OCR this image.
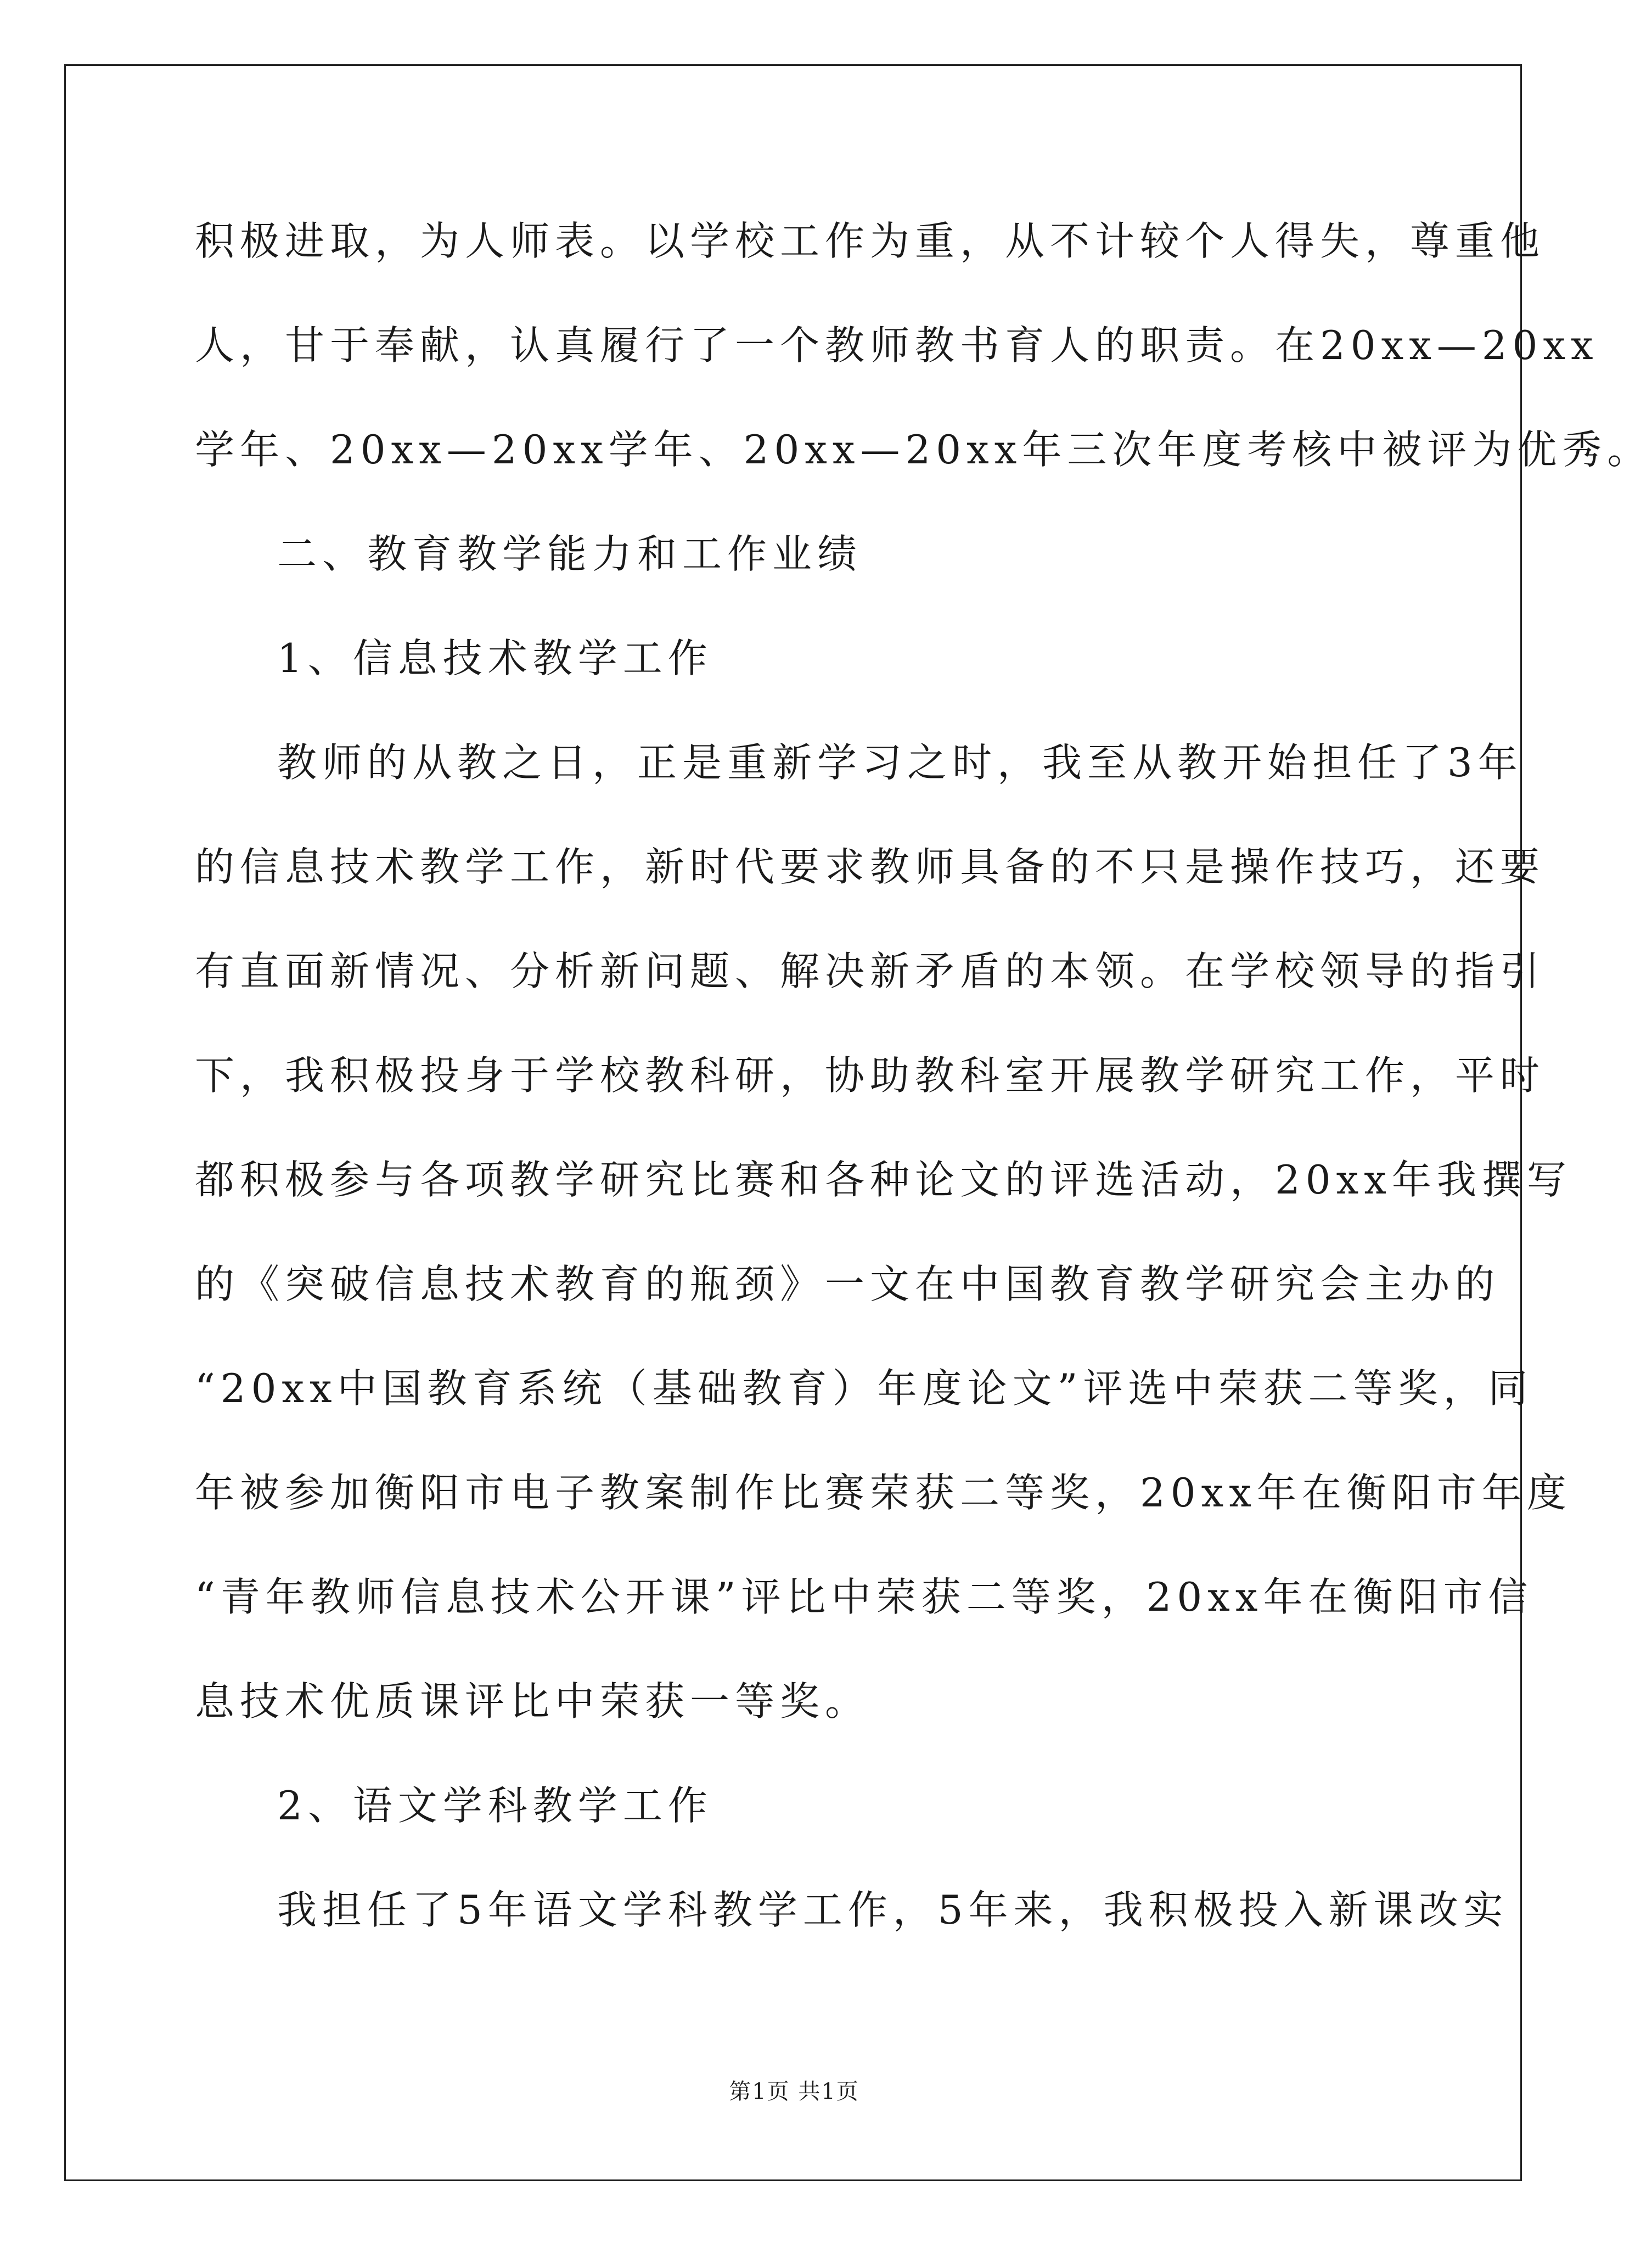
积极进取，为人师表。以学校工作为重，从不计较个人得失，尊重他
人，甘于奉献，认真履行了一个教师教书育人的职责。在20xx—20xx
学年、20xx—20xx学年、20xx—20xx年三次年度考核中被评为优秀。
二、教育教学能力和工作业绩
1、信息技术教学工作
教师的从教之日，正是重新学习之时，我至从教开始担任了3年
的信息技术教学工作，新时代要求教师具备的不只是操作技巧，还要
有直面新情况、分析新问题、解决新矛盾的本领。在学校领导的指引
下，我积极投身于学校教科研，协助教科室开展教学研究工作，平时
都积极参与各项教学研究比赛和各种论文的评选活动，20xx年我撰写
的《突破信息技术教育的瓶颈》一文在中国教育教学研究会主办的
“20xx中国教育系统（基础教育）年度论文”评选中荣获二等奖，同
年被参加衡阳市电子教案制作比赛荣获二等奖，20xx年在衡阳市年度
“青年教师信息技术公开课”评比中荣获二等奖，20xx年在衡阳市信
息技术优质课评比中荣获一等奖。
2、语文学科教学工作
我担任了5年语文学科教学工作，5年来，我积极投入新课改实
第1页 共1页
